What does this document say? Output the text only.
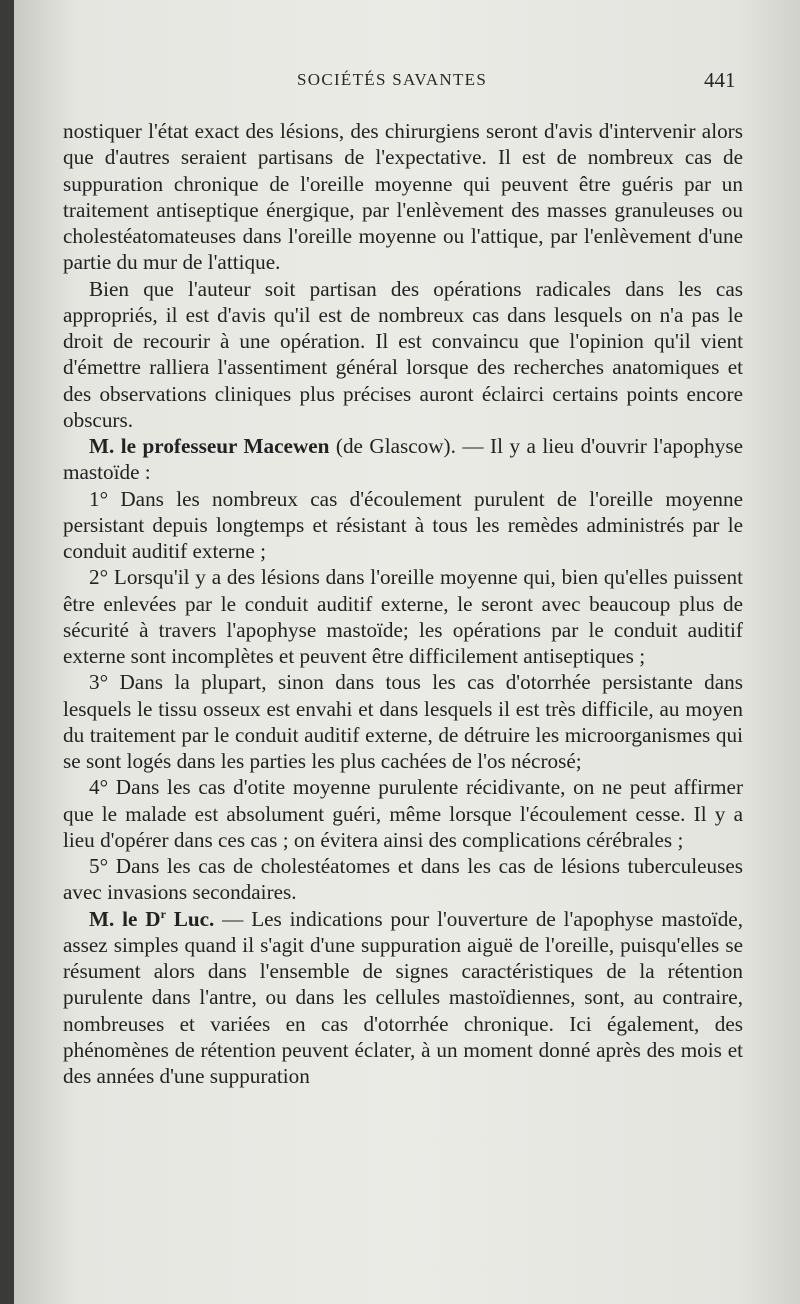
SOCIÉTÉS SAVANTES	441

nostiquer l'état exact des lésions, des chirurgiens seront d'avis d'intervenir alors que d'autres seraient partisans de l'expectative. Il est de nombreux cas de suppuration chronique de l'oreille moyenne qui peuvent être guéris par un traitement antiseptique énergique, par l'enlèvement des masses granuleuses ou cholestéatomateuses dans l'oreille moyenne ou l'attique, par l'enlèvement d'une partie du mur de l'attique.

Bien que l'auteur soit partisan des opérations radicales dans les cas appropriés, il est d'avis qu'il est de nombreux cas dans lesquels on n'a pas le droit de recourir à une opération. Il est convaincu que l'opinion qu'il vient d'émettre ralliera l'assentiment général lorsque des recherches anatomiques et des observations cliniques plus précises auront éclairci certains points encore obscurs.

M. le professeur Macewen (de Glascow). — Il y a lieu d'ouvrir l'apophyse mastoïde :

1° Dans les nombreux cas d'écoulement purulent de l'oreille moyenne persistant depuis longtemps et résistant à tous les remèdes administrés par le conduit auditif externe ;

2° Lorsqu'il y a des lésions dans l'oreille moyenne qui, bien qu'elles puissent être enlevées par le conduit auditif externe, le seront avec beaucoup plus de sécurité à travers l'apophyse mastoïde; les opérations par le conduit auditif externe sont incomplètes et peuvent être difficilement antiseptiques ;

3° Dans la plupart, sinon dans tous les cas d'otorrhée persistante dans lesquels le tissu osseux est envahi et dans lesquels il est très difficile, au moyen du traitement par le conduit auditif externe, de détruire les microorganismes qui se sont logés dans les parties les plus cachées de l'os nécrosé;

4° Dans les cas d'otite moyenne purulente récidivante, on ne peut affirmer que le malade est absolument guéri, même lorsque l'écoulement cesse. Il y a lieu d'opérer dans ces cas ; on évitera ainsi des complications cérébrales ;

5° Dans les cas de cholestéatomes et dans les cas de lésions tuberculeuses avec invasions secondaires.

M. le $D^r$ Luc. — Les indications pour l'ouverture de l'apophyse mastoïde, assez simples quand il s'agit d'une suppuration aiguë de l'oreille, puisqu'elles se résument alors dans l'ensemble de signes caractéristiques de la rétention purulente dans l'antre, ou dans les cellules mastoïdiennes, sont, au contraire, nombreuses et variées en cas d'otorrhée chronique. Ici également, des phénomènes de rétention peuvent éclater, à un moment donné après des mois et des années d'une suppuration
